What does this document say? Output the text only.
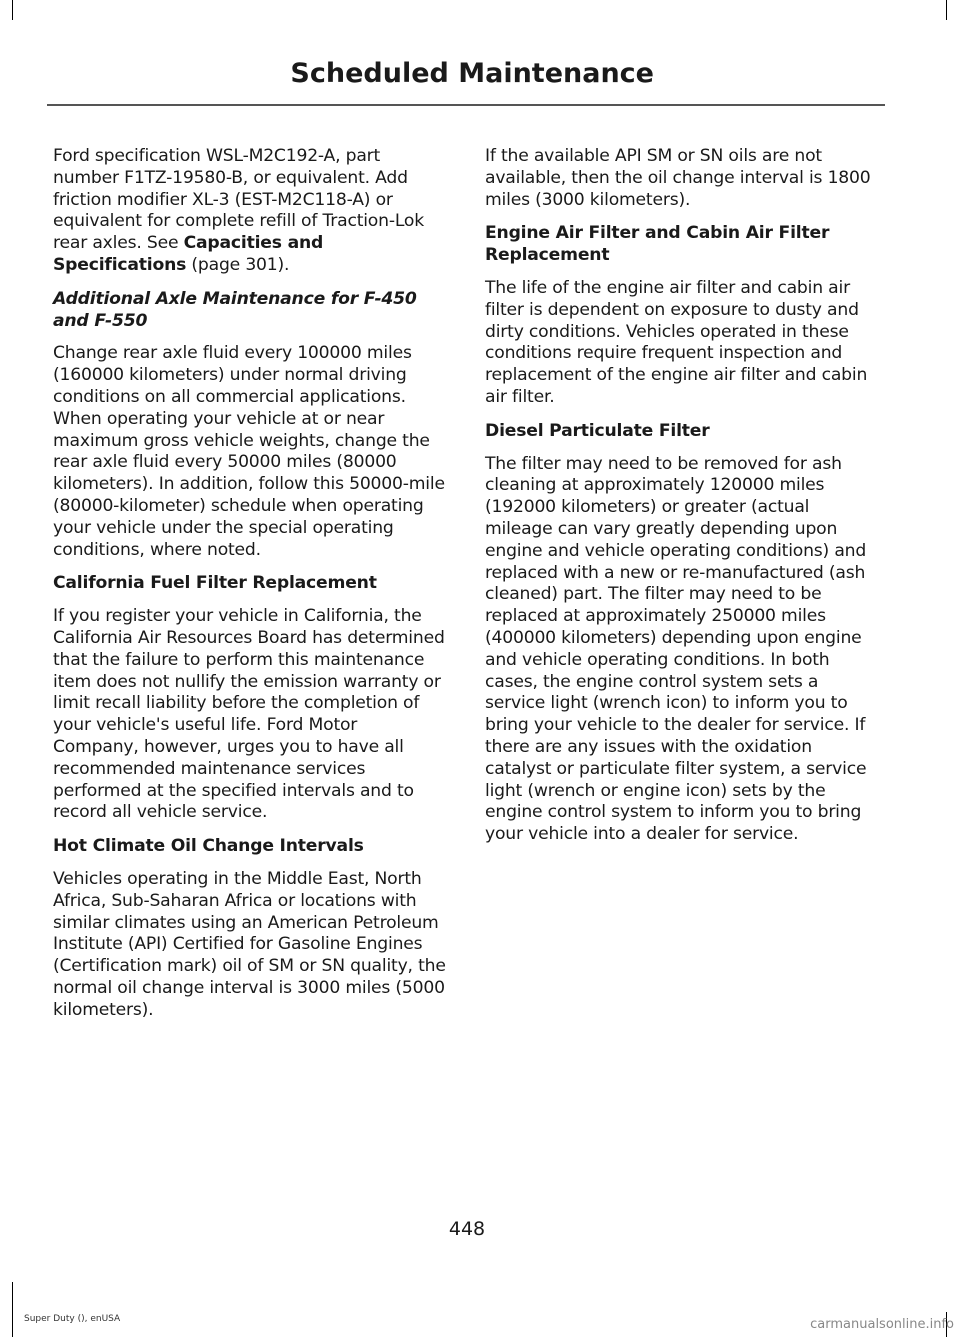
Scheduled Maintenance

Ford specification WSL-M2C192-A, part number F1TZ-19580-B, or equivalent. Add friction modifier XL-3 (EST-M2C118-A) or equivalent for complete refill of Traction-Lok rear axles. See Capacities and Specifications (page 301).

Additional Axle Maintenance for F-450 and F-550

Change rear axle fluid every 100000 miles (160000 kilometers) under normal driving conditions on all commercial applications. When operating your vehicle at or near maximum gross vehicle weights, change the rear axle fluid every 50000 miles (80000 kilometers). In addition, follow this 50000-mile (80000-kilometer) schedule when operating your vehicle under the special operating conditions, where noted.

California Fuel Filter Replacement

If you register your vehicle in California, the California Air Resources Board has determined that the failure to perform this maintenance item does not nullify the emission warranty or limit recall liability before the completion of your vehicle's useful life. Ford Motor Company, however, urges you to have all recommended maintenance services performed at the specified intervals and to record all vehicle service.

Hot Climate Oil Change Intervals

Vehicles operating in the Middle East, North Africa, Sub-Saharan Africa or locations with similar climates using an American Petroleum Institute (API) Certified for Gasoline Engines (Certification mark) oil of SM or SN quality, the normal oil change interval is 3000 miles (5000 kilometers).

If the available API SM or SN oils are not available, then the oil change interval is 1800 miles (3000 kilometers).

Engine Air Filter and Cabin Air Filter Replacement

The life of the engine air filter and cabin air filter is dependent on exposure to dusty and dirty conditions. Vehicles operated in these conditions require frequent inspection and replacement of the engine air filter and cabin air filter.

Diesel Particulate Filter

The filter may need to be removed for ash cleaning at approximately 120000 miles (192000 kilometers) or greater (actual mileage can vary greatly depending upon engine and vehicle operating conditions) and replaced with a new or re-manufactured (ash cleaned) part. The filter may need to be replaced at approximately 250000 miles (400000 kilometers) depending upon engine and vehicle operating conditions. In both cases, the engine control system sets a service light (wrench icon) to inform you to bring your vehicle to the dealer for service. If there are any issues with the oxidation catalyst or particulate filter system, a service light (wrench or engine icon) sets by the engine control system to inform you to bring your vehicle into a dealer for service.

448
Super Duty (), enUSA	carmanualsonline.info
